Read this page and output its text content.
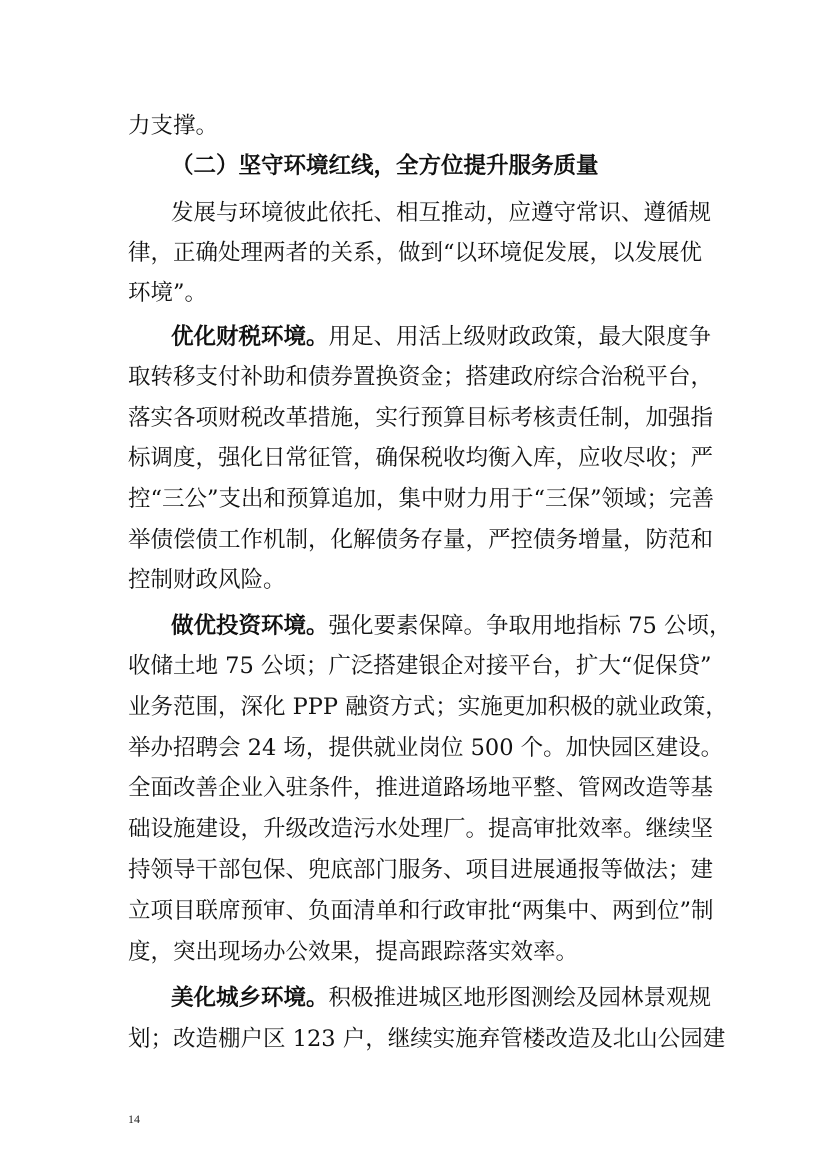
力支撑。
（二）坚守环境红线，全方位提升服务质量
发展与环境彼此依托、相互推动，应遵守常识、遵循规
律，正确处理两者的关系，做到“以环境促发展，以发展优
环境”。
优化财税环境。用足、用活上级财政政策，最大限度争
取转移支付补助和债券置换资金；搭建政府综合治税平台，
落实各项财税改革措施，实行预算目标考核责任制，加强指
标调度，强化日常征管，确保税收均衡入库，应收尽收；严
控“三公”支出和预算追加，集中财力用于“三保”领域；完善
举债偿债工作机制，化解债务存量，严控债务增量，防范和
控制财政风险。
做优投资环境。强化要素保障。争取用地指标 75 公顷，
收储土地 75 公顷；广泛搭建银企对接平台，扩大“促保贷”
业务范围，深化 PPP 融资方式；实施更加积极的就业政策，
举办招聘会 24 场，提供就业岗位 500 个。加快园区建设。
全面改善企业入驻条件，推进道路场地平整、管网改造等基
础设施建设，升级改造污水处理厂。提高审批效率。继续坚
持领导干部包保、兜底部门服务、项目进展通报等做法；建
立项目联席预审、负面清单和行政审批“两集中、两到位”制
度，突出现场办公效果，提高跟踪落实效率。
美化城乡环境。积极推进城区地形图测绘及园林景观规
划；改造棚户区 123 户，继续实施弃管楼改造及北山公园建
14
